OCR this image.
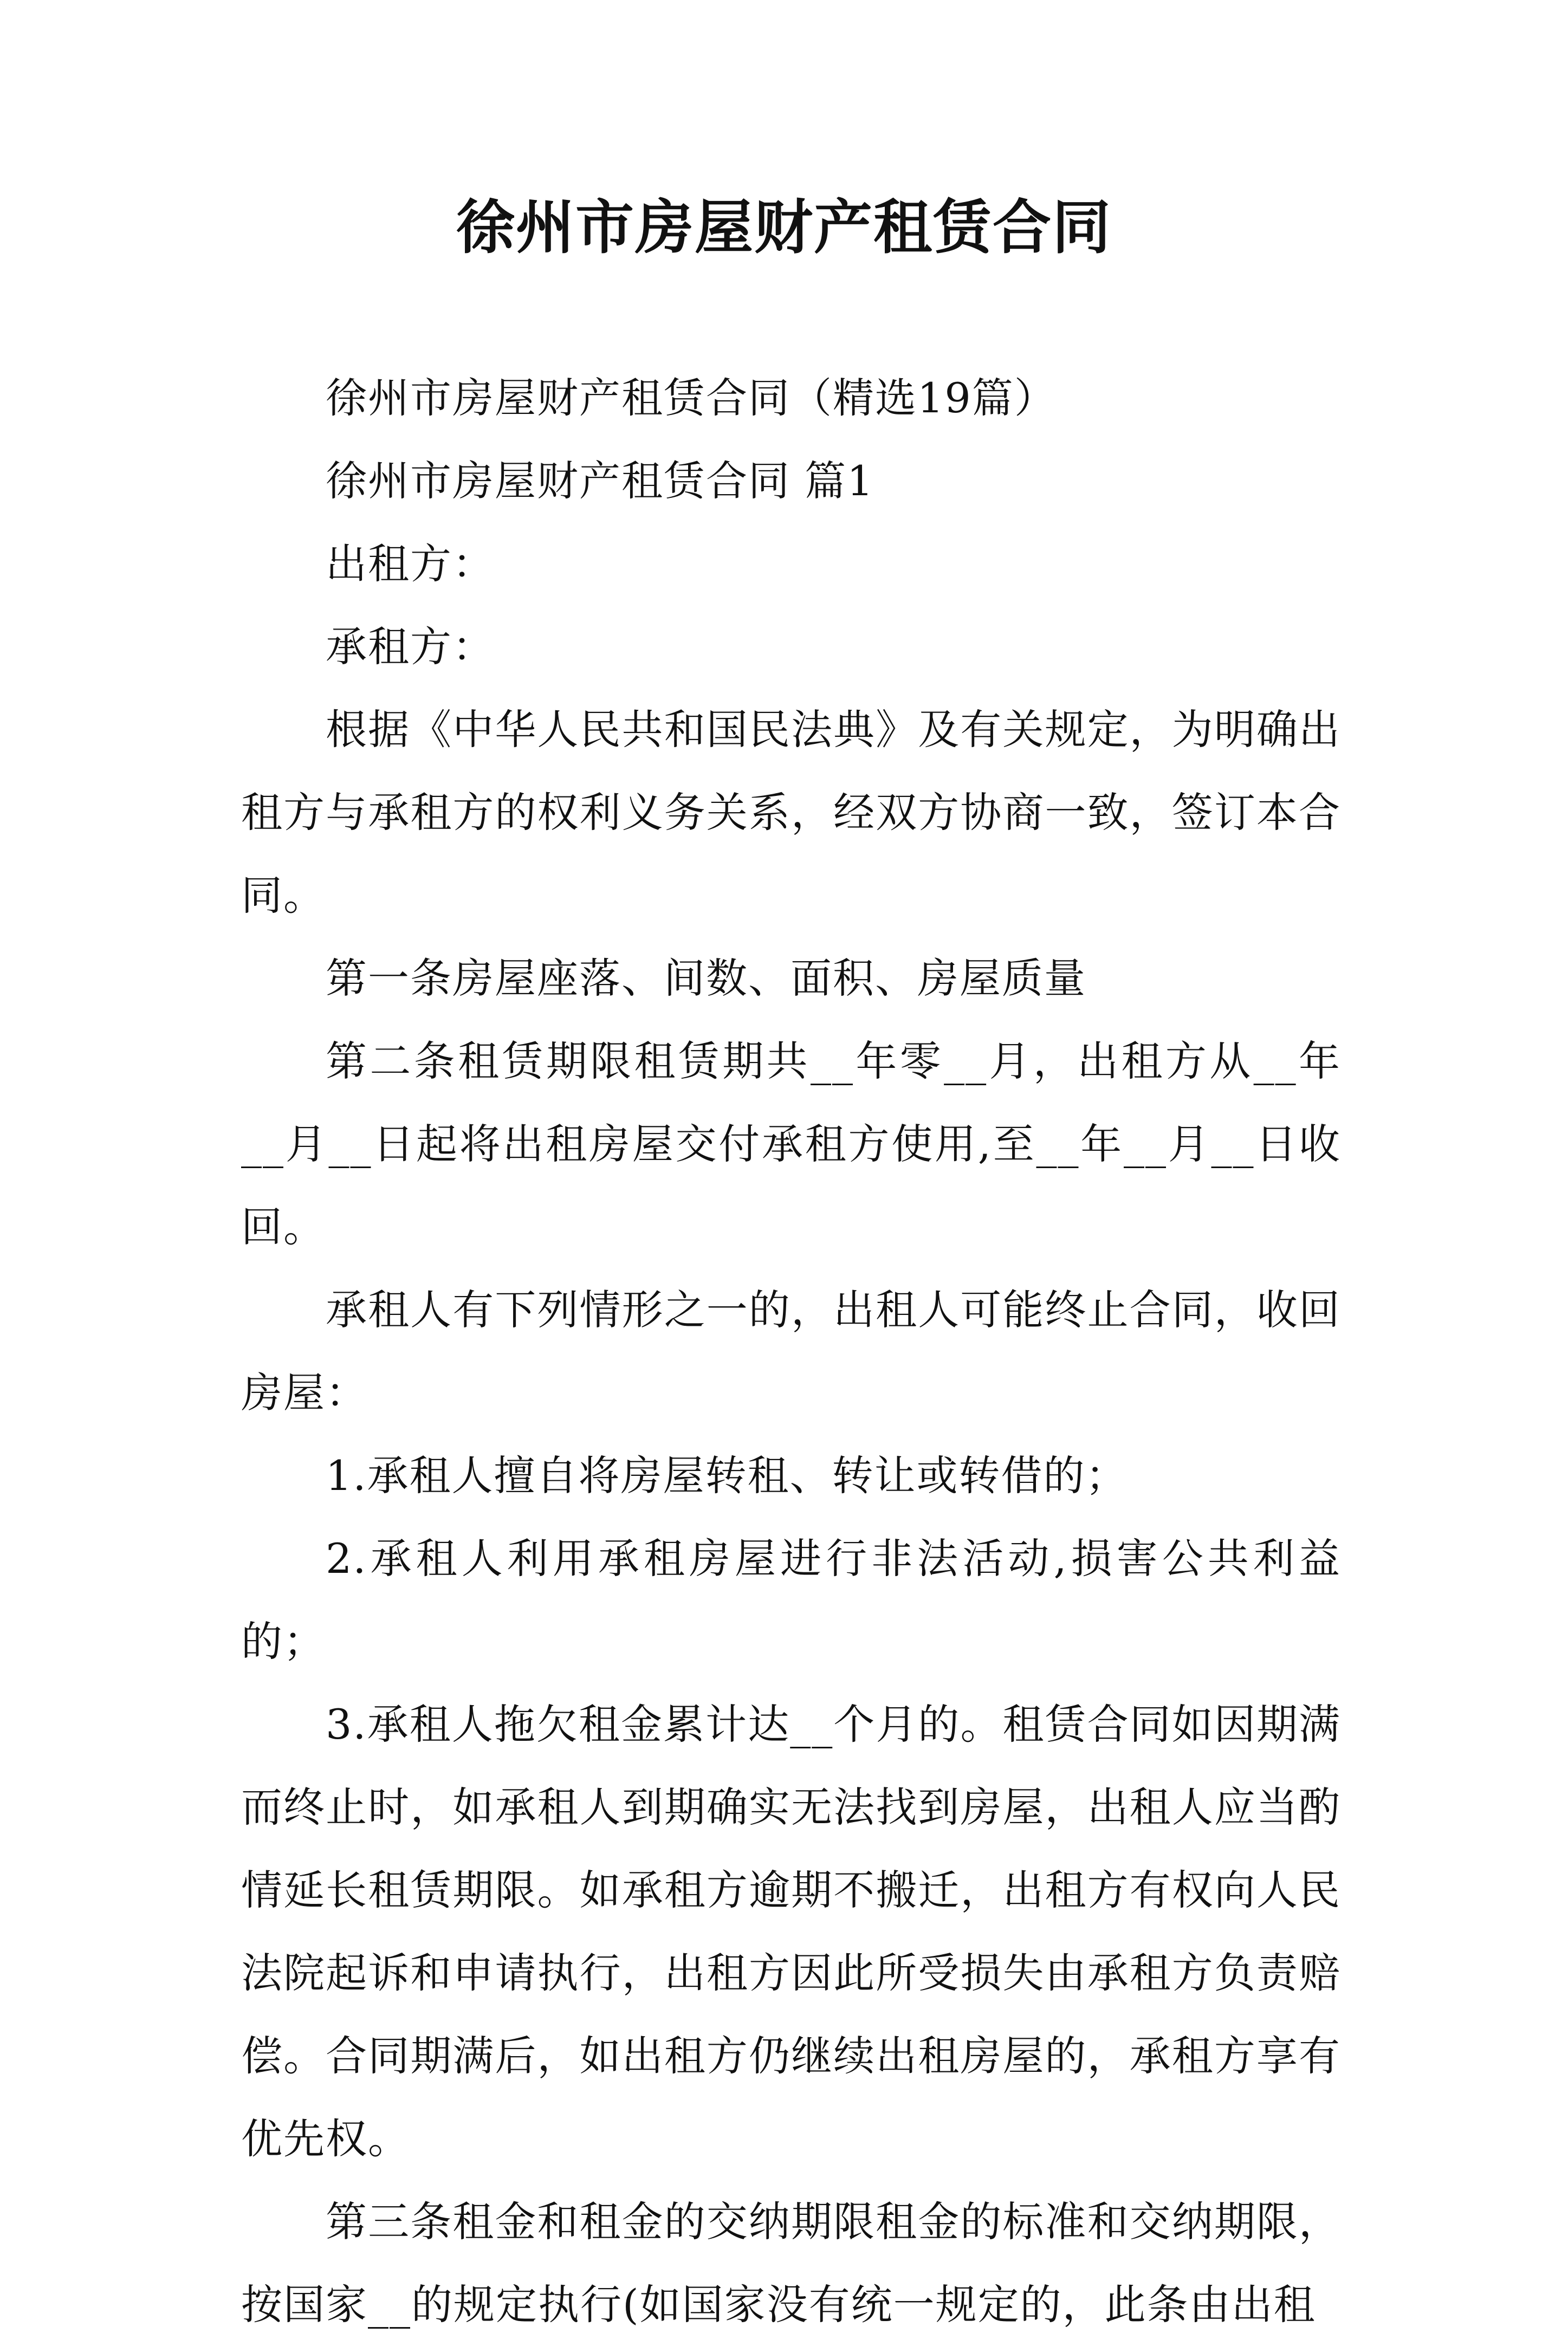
徐州市房屋财产租赁合同

徐州市房屋财产租赁合同（精选19篇）

徐州市房屋财产租赁合同 篇1

出租方：

承租方：

根据《中华人民共和国民法典》及有关规定，为明确出租方与承租方的权利义务关系，经双方协商一致，签订本合同。

第一条房屋座落、间数、面积、房屋质量

第二条租赁期限租赁期共__年零__月，出租方从__年__月__日起将出租房屋交付承租方使用,至__年__月__日收回。

承租人有下列情形之一的，出租人可能终止合同，收回房屋：

1.承租人擅自将房屋转租、转让或转借的；

2.承租人利用承租房屋进行非法活动,损害公共利益的；

3.承租人拖欠租金累计达__个月的。租赁合同如因期满而终止时，如承租人到期确实无法找到房屋，出租人应当酌情延长租赁期限。如承租方逾期不搬迁，出租方有权向人民法院起诉和申请执行，出租方因此所受损失由承租方负责赔偿。合同期满后，如出租方仍继续出租房屋的，承租方享有优先权。

第三条租金和租金的交纳期限租金的标准和交纳期限，按国家__的规定执行(如国家没有统一规定的，此条由出租
